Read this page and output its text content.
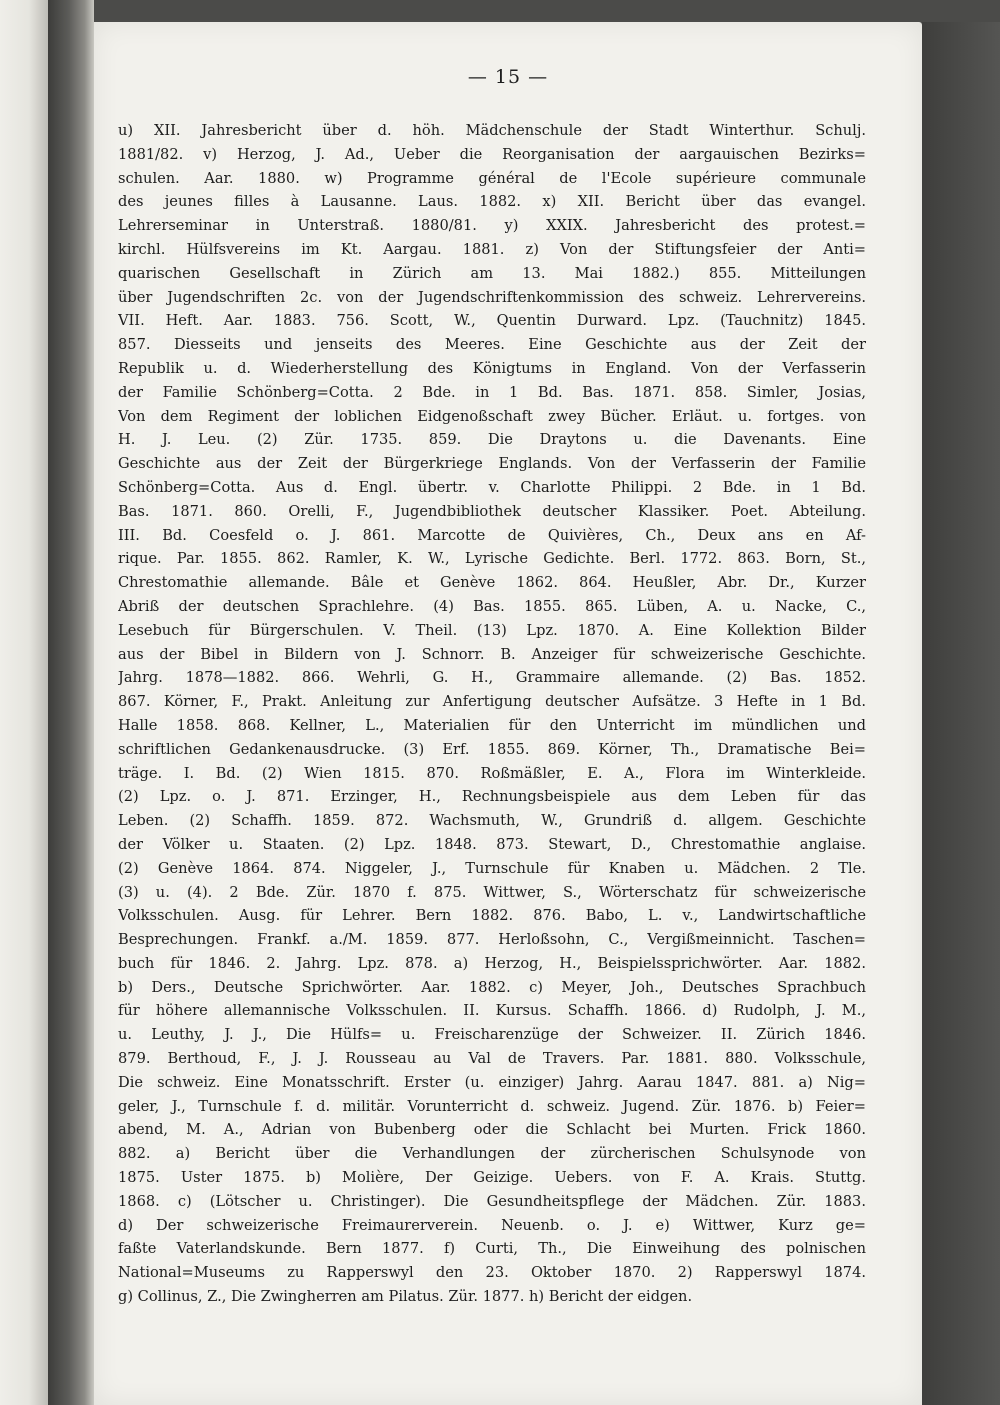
— 15 —
u) XII. Jahresbericht über d. höh. Mädchenschule der Stadt Winterthur. Schulj.
1881/82. v) Herzog, J. Ad., Ueber die Reorganisation der aargauischen Bezirks=
schulen. Aar. 1880. w) Programme général de l'Ecole supérieure communale
des jeunes filles à Lausanne. Laus. 1882. x) XII. Bericht über das evangel.
Lehrerseminar in Unterstraß. 1880/81. y) XXIX. Jahresbericht des protest.=
kirchl. Hülfsvereins im Kt. Aargau. 1881. z) Von der Stiftungsfeier der Anti=
quarischen Gesellschaft in Zürich am 13. Mai 1882.) 855. Mitteilungen
über Jugendschriften 2c. von der Jugendschriftenkommission des schweiz. Lehrervereins.
VII. Heft. Aar. 1883. 756. Scott, W., Quentin Durward. Lpz. (Tauchnitz) 1845.
857. Diesseits und jenseits des Meeres. Eine Geschichte aus der Zeit der
Republik u. d. Wiederherstellung des Königtums in England. Von der Verfasserin
der Familie Schönberg=Cotta. 2 Bde. in 1 Bd. Bas. 1871. 858. Simler, Josias,
Von dem Regiment der loblichen Eidgenoßschaft zwey Bücher. Erläut. u. fortges. von
H. J. Leu. (2) Zür. 1735. 859. Die Draytons u. die Davenants. Eine
Geschichte aus der Zeit der Bürgerkriege Englands. Von der Verfasserin der Familie
Schönberg=Cotta. Aus d. Engl. übertr. v. Charlotte Philippi. 2 Bde. in 1 Bd.
Bas. 1871. 860. Orelli, F., Jugendbibliothek deutscher Klassiker. Poet. Abteilung.
III. Bd. Coesfeld o. J. 861. Marcotte de Quivières, Ch., Deux ans en Af-
rique. Par. 1855. 862. Ramler, K. W., Lyrische Gedichte. Berl. 1772. 863. Born, St.,
Chrestomathie allemande. Bâle et Genève 1862. 864. Heußler, Abr. Dr., Kurzer
Abriß der deutschen Sprachlehre. (4) Bas. 1855. 865. Lüben, A. u. Nacke, C.,
Lesebuch für Bürgerschulen. V. Theil. (13) Lpz. 1870. A. Eine Kollektion Bilder
aus der Bibel in Bildern von J. Schnorr. B. Anzeiger für schweizerische Geschichte.
Jahrg. 1878—1882. 866. Wehrli, G. H., Grammaire allemande. (2) Bas. 1852.
867. Körner, F., Prakt. Anleitung zur Anfertigung deutscher Aufsätze. 3 Hefte in 1 Bd.
Halle 1858. 868. Kellner, L., Materialien für den Unterricht im mündlichen und
schriftlichen Gedankenausdrucke. (3) Erf. 1855. 869. Körner, Th., Dramatische Bei=
träge. I. Bd. (2) Wien 1815. 870. Roßmäßler, E. A., Flora im Winterkleide.
(2) Lpz. o. J. 871. Erzinger, H., Rechnungsbeispiele aus dem Leben für das
Leben. (2) Schaffh. 1859. 872. Wachsmuth, W., Grundriß d. allgem. Geschichte
der Völker u. Staaten. (2) Lpz. 1848. 873. Stewart, D., Chrestomathie anglaise.
(2) Genève 1864. 874. Niggeler, J., Turnschule für Knaben u. Mädchen. 2 Tle.
(3) u. (4). 2 Bde. Zür. 1870 f. 875. Wittwer, S., Wörterschatz für schweizerische
Volksschulen. Ausg. für Lehrer. Bern 1882. 876. Babo, L. v., Landwirtschaftliche
Besprechungen. Frankf. a./M. 1859. 877. Herloßsohn, C., Vergißmeinnicht. Taschen=
buch für 1846. 2. Jahrg. Lpz. 878. a) Herzog, H., Beispielssprichwörter. Aar. 1882.
b) Ders., Deutsche Sprichwörter. Aar. 1882. c) Meyer, Joh., Deutsches Sprachbuch
für höhere allemannische Volksschulen. II. Kursus. Schaffh. 1866. d) Rudolph, J. M.,
u. Leuthy, J. J., Die Hülfs= u. Freischarenzüge der Schweizer. II. Zürich 1846.
879. Berthoud, F., J. J. Rousseau au Val de Travers. Par. 1881. 880. Volksschule,
Die schweiz. Eine Monatsschrift. Erster (u. einziger) Jahrg. Aarau 1847. 881. a) Nig=
geler, J., Turnschule f. d. militär. Vorunterricht d. schweiz. Jugend. Zür. 1876. b) Feier=
abend, M. A., Adrian von Bubenberg oder die Schlacht bei Murten. Frick 1860.
882. a) Bericht über die Verhandlungen der zürcherischen Schulsynode von
1875. Uster 1875. b) Molière, Der Geizige. Uebers. von F. A. Krais. Stuttg.
1868. c) (Lötscher u. Christinger). Die Gesundheitspflege der Mädchen. Zür. 1883.
d) Der schweizerische Freimaurerverein. Neuenb. o. J. e) Wittwer, Kurz ge=
faßte Vaterlandskunde. Bern 1877. f) Curti, Th., Die Einweihung des polnischen
National=Museums zu Rapperswyl den 23. Oktober 1870. 2) Rapperswyl 1874.
g) Collinus, Z., Die Zwingherren am Pilatus. Zür. 1877. h) Bericht der eidgen.
